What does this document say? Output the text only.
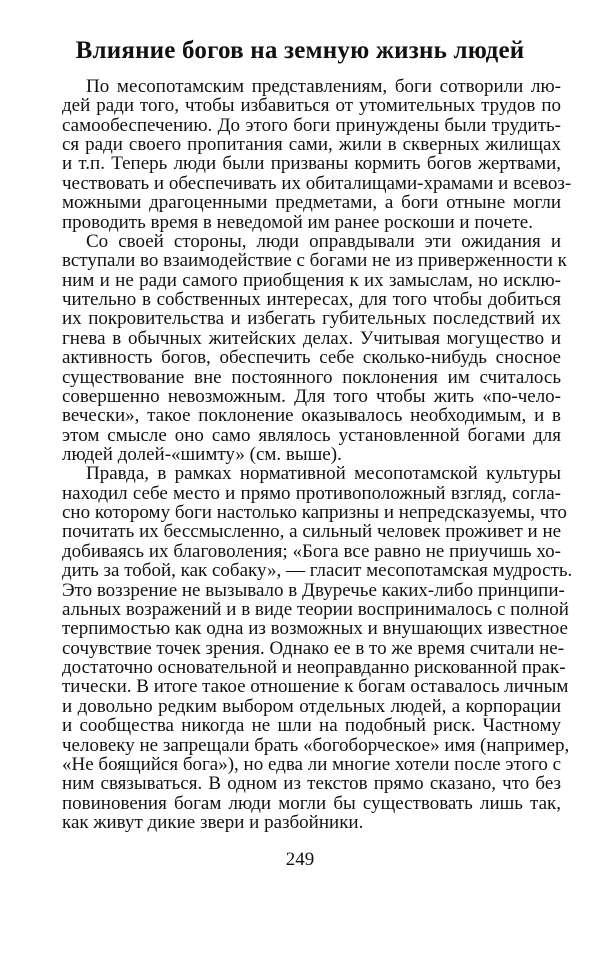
Влияние богов на земную жизнь людей
По месопотамским представлениям, боги сотворили лю-
дей ради того, чтобы избавиться от утомительных трудов по
самообеспечению. До этого боги принуждены были трудить-
ся ради своего пропитания сами, жили в скверных жилищах
и т.п. Теперь люди были призваны кормить богов жертвами,
чествовать и обеспечивать их обиталищами-храмами и всевоз-
можными драгоценными предметами, а боги отныне могли
проводить время в неведомой им ранее роскоши и почете.
Со своей стороны, люди оправдывали эти ожидания и
вступали во взаимодействие с богами не из приверженности к
ним и не ради самого приобщения к их замыслам, но исклю-
чительно в собственных интересах, для того чтобы добиться
их покровительства и избегать губительных последствий их
гнева в обычных житейских делах. Учитывая могущество и
активность богов, обеспечить себе сколько-нибудь сносное
существование вне постоянного поклонения им считалось
совершенно невозможным. Для того чтобы жить «по-чело-
вечески», такое поклонение оказывалось необходимым, и в
этом смысле оно само являлось установленной богами для
людей долей-«шимту» (см. выше).
Правда, в рамках нормативной месопотамской культуры
находил себе место и прямо противоположный взгляд, согла-
сно которому боги настолько капризны и непредсказуемы, что
почитать их бессмысленно, а сильный человек проживет и не
добиваясь их благоволения; «Бога все равно не приучишь хо-
дить за тобой, как собаку», — гласит месопотамская мудрость.
Это воззрение не вызывало в Двуречье каких-либо принципи-
альных возражений и в виде теории воспринималось с полной
терпимостью как одна из возможных и внушающих известное
сочувствие точек зрения. Однако ее в то же время считали не-
достаточно основательной и неоправданно рискованной прак-
тически. В итоге такое отношение к богам оставалось личным
и довольно редким выбором отдельных людей, а корпорации
и сообщества никогда не шли на подобный риск. Частному
человеку не запрещали брать «богоборческое» имя (например,
«Не боящийся бога»), но едва ли многие хотели после этого с
ним связываться. В одном из текстов прямо сказано, что без
повиновения богам люди могли бы существовать лишь так,
как живут дикие звери и разбойники.
249
